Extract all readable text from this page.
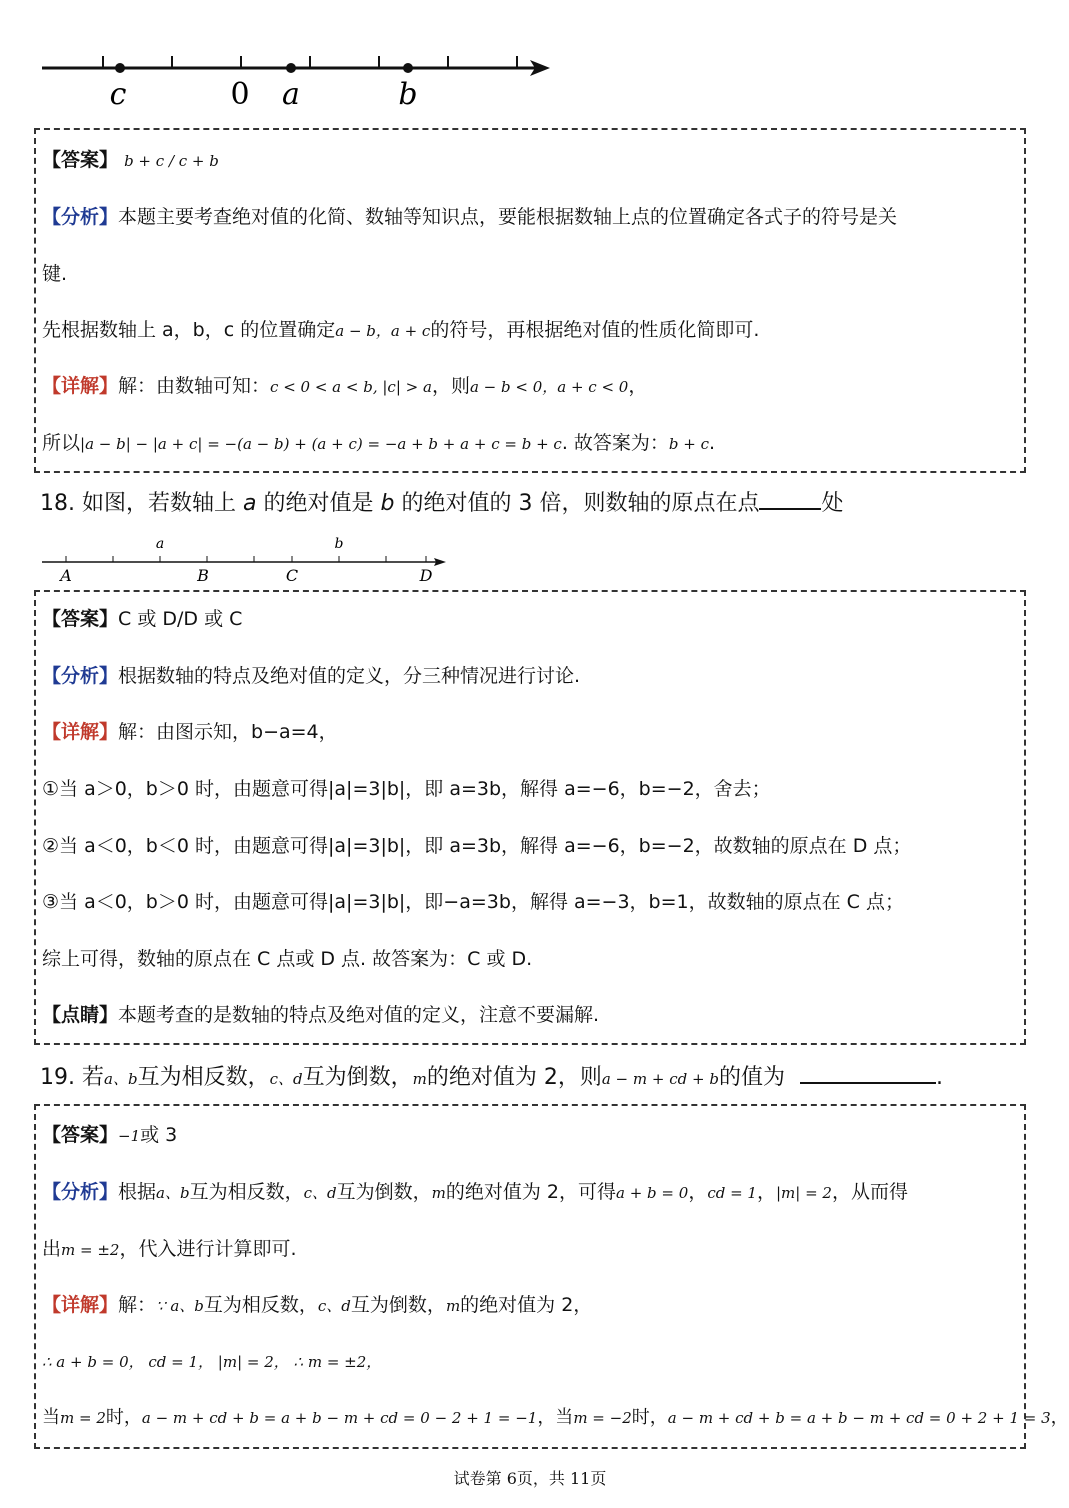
c	0 a	b
【答案】 b + c / c + b
【分析】本题主要考查绝对值的化简、数轴等知识点，要能根据数轴上点的位置确定各式子的符号是关
键.
先根据数轴上 a，b，c 的位置确定a − b，a + c的符号，再根据绝对值的性质化简即可.
【详解】解：由数轴可知：c < 0 < a < b, |c| > a，则a − b < 0，a + c < 0，
所以|a − b| − |a + c| = −(a − b) + (a + c) = −a + b + a + c = b + c. 故答案为：b + c.
18. 如图，若数轴上 a 的绝对值是 b 的绝对值的 3 倍，则数轴的原点在点	处
a	b
A	B	C	D
【答案】C 或 D/D 或 C
【分析】根据数轴的特点及绝对值的定义，分三种情况进行讨论.
【详解】解：由图示知，b−a=4，
①当 a＞0，b＞0 时，由题意可得|a|=3|b|，即 a=3b，解得 a=−6，b=−2，舍去；
②当 a＜0，b＜0 时，由题意可得|a|=3|b|，即 a=3b，解得 a=−6，b=−2，故数轴的原点在 D 点；
③当 a＜0，b＞0 时，由题意可得|a|=3|b|，即−a=3b，解得 a=−3，b=1，故数轴的原点在 C 点；
综上可得，数轴的原点在 C 点或 D 点. 故答案为：C 或 D.
【点睛】本题考查的是数轴的特点及绝对值的定义，注意不要漏解.
19. 若a、b互为相反数，c、d互为倒数，m的绝对值为 2，则a − m + cd + b的值为	.
【答案】−1或 3
【分析】根据a、b互为相反数，c、d互为倒数，m的绝对值为 2，可得a + b = 0，cd = 1，|m| = 2，从而得
出m = ±2，代入进行计算即可.
【详解】解：∵ a、b互为相反数，c、d互为倒数，m的绝对值为 2，
∴ a + b = 0， cd = 1， |m| = 2， ∴ m = ±2，
当m = 2时，a − m + cd + b = a + b − m + cd = 0 − 2 + 1 = −1，当m = −2时，a − m + cd + b = a + b − m + cd = 0 + 2 + 1 = 3，
试卷第 6页，共 11页
